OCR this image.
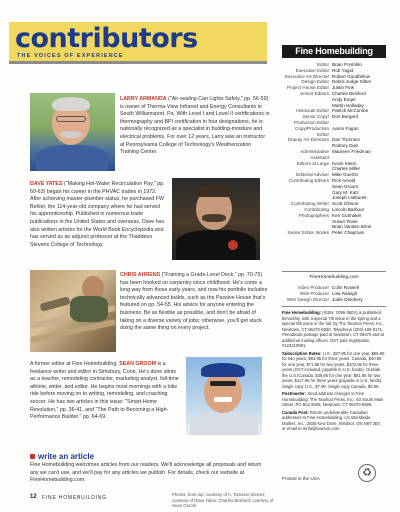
contributors
THE VOICES OF EXPERIENCE
LARRY ARMANDA ("Air-sealing Can Lights Safely," pp. 56-59) is owner of Therma-View Infrared and Energy Consultants in South Williamsport, Pa. With Level I and Level II certifications in thermography and BPI certification in four designations, he is nationally recognized as a specialist in building-moisture and electrical problems. For over 12 years, Larry was an instructor at Pennsylvania College of Technology's Weatherization Training Center.
DAVE YATES ("Making Hot-Water Recirculation Pay," pp. 60-63) began his career in the PHVAC trades in 1972. After achieving master-plumber status, he purchased FW Behler, the 114-year-old company where he had served his apprenticeship. Published in numerous trade publications in the United States and overseas, Dave has also written articles for the World Book Encyclopedia and has served as an adjunct professor at the Thaddeus Stevens College of Technology.
CHRIS AHRENS ("Framing a Grade-Level Deck," pp. 70-75) has been hooked on carpentry since childhood. He's come a long way from those early years, and now his portfolio includes technically advanced builds, such as the Passive House that's featured on pp. 54-55. His advice for anyone entering the business: Be as flexible as possible, and don't be afraid of taking on a diverse variety of jobs; otherwise, you'll get stuck doing the same thing on every project.
A former editor at Fine Homebuilding, SEAN GROOM is a freelance writer and editor in Simsbury, Conn. He's done stints as a teacher, remodeling contractor, marketing analyst, full-time athlete, writer, and editor. He begins most mornings with a bike ride before moving on to writing, remodeling, and coaching soccer. He has two articles in this issue: "Smart-Home Revolution," pp. 36-41, and "The Path to Becoming a High-Performance Builder," pp. 64-69.
write an article
Fine Homebuilding welcomes articles from our readers. We'll acknowledge all proposals and return any we can't use, and we'll pay for any articles we publish. For details, check our website at FineHomebuilding.com.
12 FINE HOMEBUILDING
Photos, from top: courtesy of A. Tamasin Sterner; courtesy of Dave Yates; Charles Bickford; courtesy of Sean Groom
Fine Homebuilding
Editor Brian Pontolilo
Executive Editor Rob Yagid
Executive Art Director Robert Goodfellow
Design Editor Debra Judge Silber
Project House Editor Justin Fink
Senior Editors Charles Bickford
Andy Engel
Martin Holladay
Associate Editor Patrick McCombe
Senior Copy/ Production Editor
Don Burgard
Copy/Production Editor
Aaron Fagan
Deputy Art Directors Dan Thornton
Rodney Diaz
Administrative Assistant
Maureen Friedman
Editors at Large Kevin Ireton
Charles Miller
Editorial Adviser Mike Guertin
Contributing Editors Rick Arnold
Sean Groom
Gary M. Katz
Joseph Lstiburek
Contributing Writer Scott Gibson
Contributing Photographers
Lincoln Barbour
Ken Gutmaker
Susan Teare
Brian Vanden Brink
Senior Editor, Books Peter Chapman
FineHomebuilding.com
Video Producer Colin Russell
Web Producer Lisa Raleigh
Web Design Director Jodie Delohery
Fine Homebuilding: (ISSN: 1096-360X) is published bimonthly, with a special 7th issue in the spring and a special 8th issue in the fall, by The Taunton Press, Inc., Newtown, CT 06470-5506. Telephone (203) 426-8171. Periodicals postage paid at Newtown, CT 06470 and at additional mailing offices. GST paid registration #123210981.
Subscription Rates: U.S., $37.95 for one year, $65.95 for two years, $93.95 for three years. Canada, $40.95 for one year, $71.95 for two years, $102.95 for three years (GST included, payable in U.S. funds). Outside the U.S./Canada: $46.95 for one year, $81.95 for two years, $117.95 for three years (payable in U.S. funds). Single copy U.S., $7.99. Single copy Canada, $8.99.
Postmaster: Send address changes to Fine Homebuilding, The Taunton Press, Inc., 63 South Main Street, PO Box 5506, Newtown, CT 06470-5506.
Canada Post: Return undeliverable Canadian addresses to Fine Homebuilding, c/o Worldwide Mailers, Inc., 2835 Kew Drive, Windsor, ON N8T 3B7, or email to mnfa@taunton.com.
Printed in the USA	♻
